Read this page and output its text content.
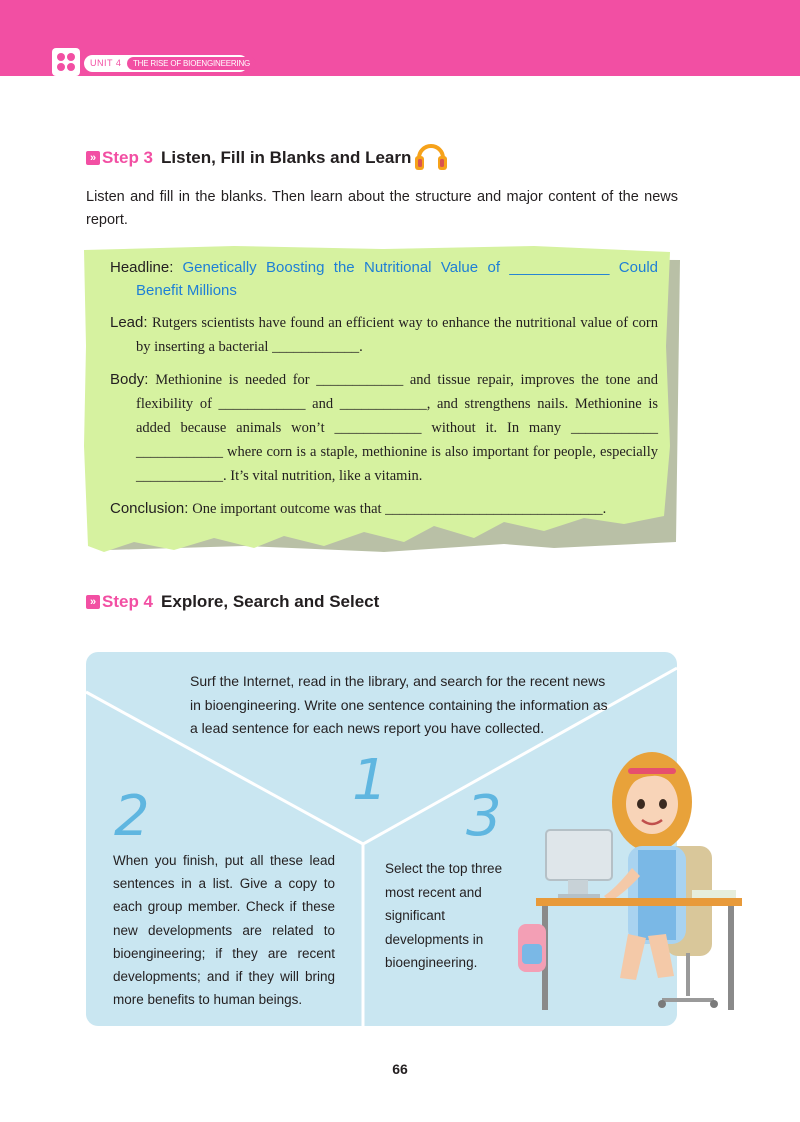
UNIT 4	THE RISE OF BIOENGINEERING
» Step 3 Listen, Fill in Blanks and Learn
Listen and fill in the blanks. Then learn about the structure and major content of the news report.

Headline: Genetically Boosting the Nutritional Value of ____________ Could Benefit Millions

Lead: Rutgers scientists have found an efficient way to enhance the nutritional value of corn by inserting a bacterial ____________.

Body: Methionine is needed for ____________ and tissue repair, improves the tone and flexibility of ____________ and ____________, and strengthens nails. Methionine is added because animals won’t ____________ without it. In many ____________ ____________ where corn is a staple, methionine is also important for people, especially ____________. It’s vital nutrition, like a vitamin.

Conclusion: One important outcome was that ______________________________.

» Step 4 Explore, Search and Select
Surf the Internet, read in the library, and search for the recent news in bioengineering. Write one sentence containing the information as a lead sentence for each news report you have collected.
1
2	3
When you finish, put all these lead sentences in a list. Give a copy to each group member. Check if these new developments are related to bioengineering; if they are recent developments; and if they will bring more benefits to human beings.
Select the top three most recent and significant developments in bioengineering.
66
